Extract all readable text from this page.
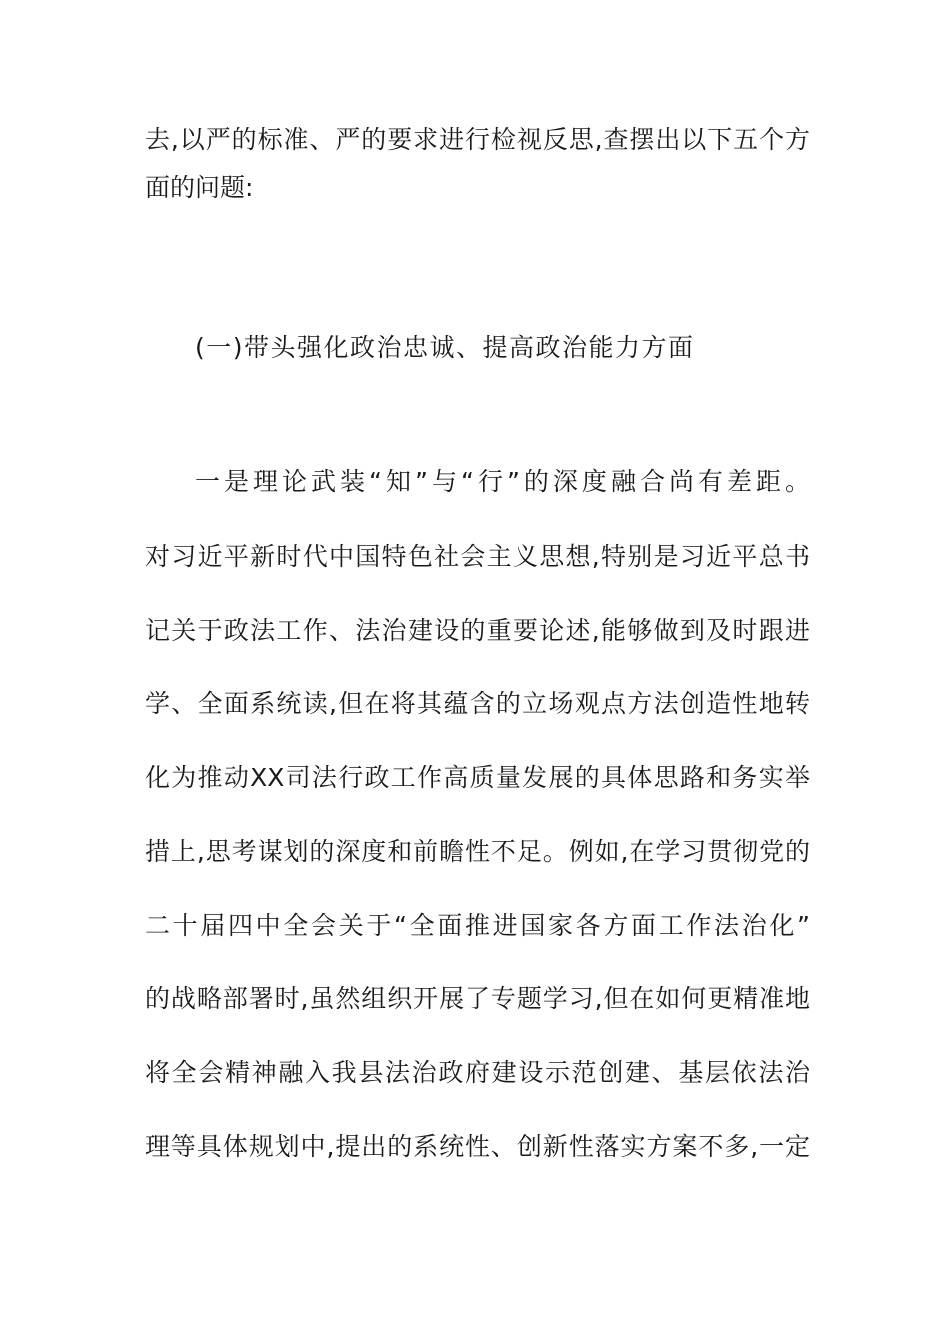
去,以严的标准、严的要求进行检视反思,查摆出以下五个方
面的问题:
(一)带头强化政治忠诚、提高政治能力方面
一是理论武装“知”与“行”的深度融合尚有差距。
对习近平新时代中国特色社会主义思想,特别是习近平总书
记关于政法工作、法治建设的重要论述,能够做到及时跟进
学、全面系统读,但在将其蕴含的立场观点方法创造性地转
化为推动XX司法行政工作高质量发展的具体思路和务实举
措上,思考谋划的深度和前瞻性不足。例如,在学习贯彻党的
二十届四中全会关于“全面推进国家各方面工作法治化”
的战略部署时,虽然组织开展了专题学习,但在如何更精准地
将全会精神融入我县法治政府建设示范创建、基层依法治
理等具体规划中,提出的系统性、创新性落实方案不多,一定
